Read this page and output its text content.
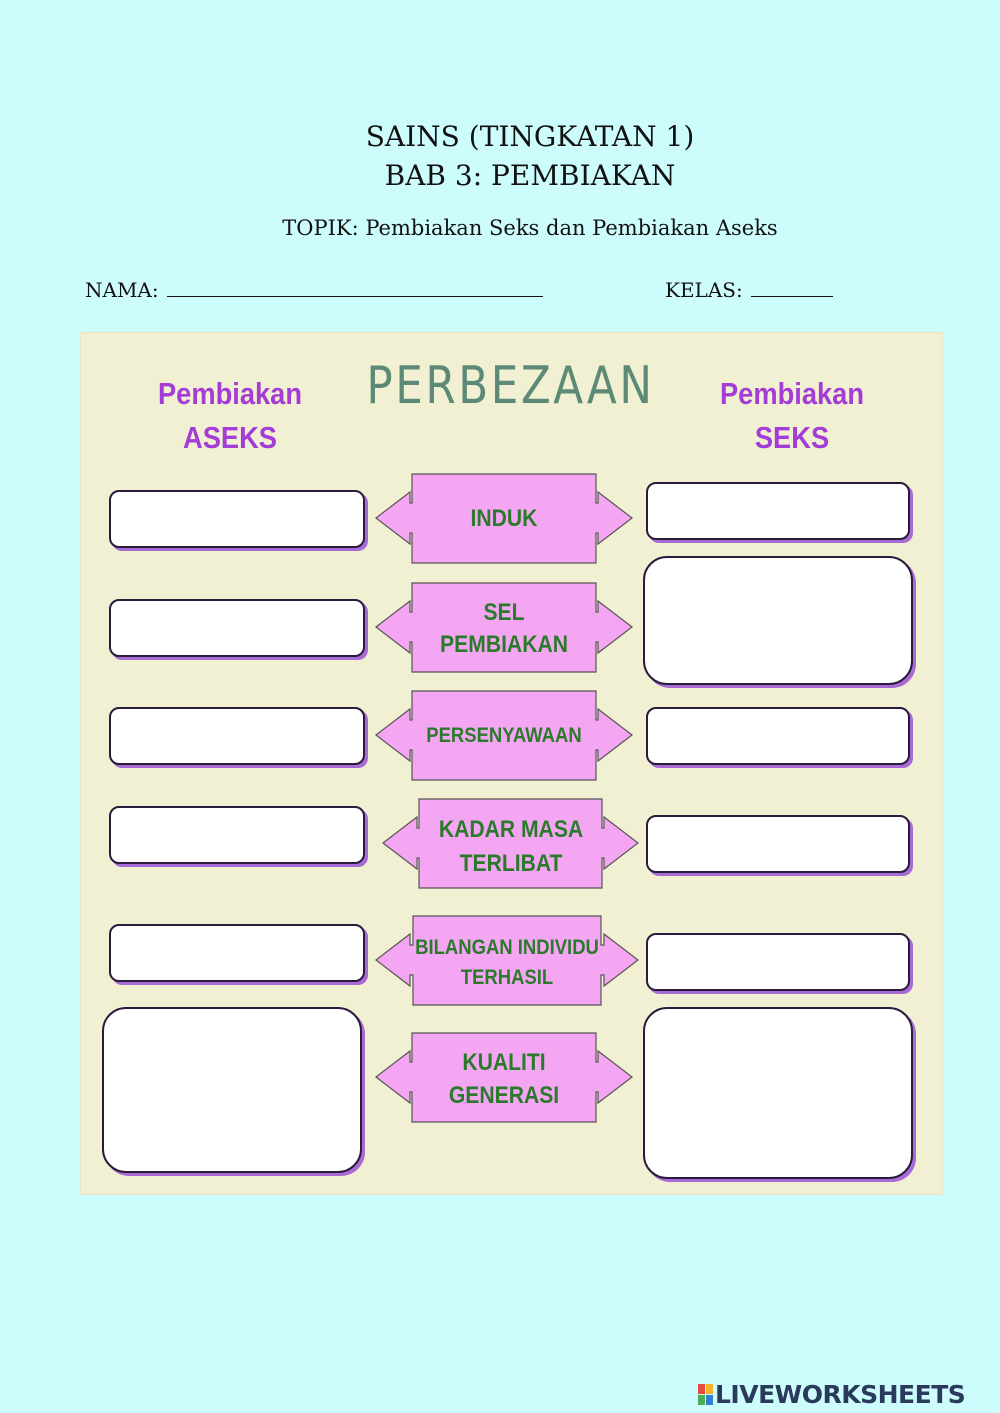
SAINS (TINGKATAN 1)
BAB 3: PEMBIAKAN
TOPIK: Pembiakan Seks dan Pembiakan Aseks
NAMA:	KELAS:
Pembiakan
ASEKS
PERBEZAAN	Pembiakan
SEKS
INDUK
SEL
PEMBIAKAN
PERSENYAWAAN
KADAR MASA
TERLIBAT
BILANGAN INDIVIDU
TERHASIL
KUALITI
GENERASI
LIVEWORKSHEETS
